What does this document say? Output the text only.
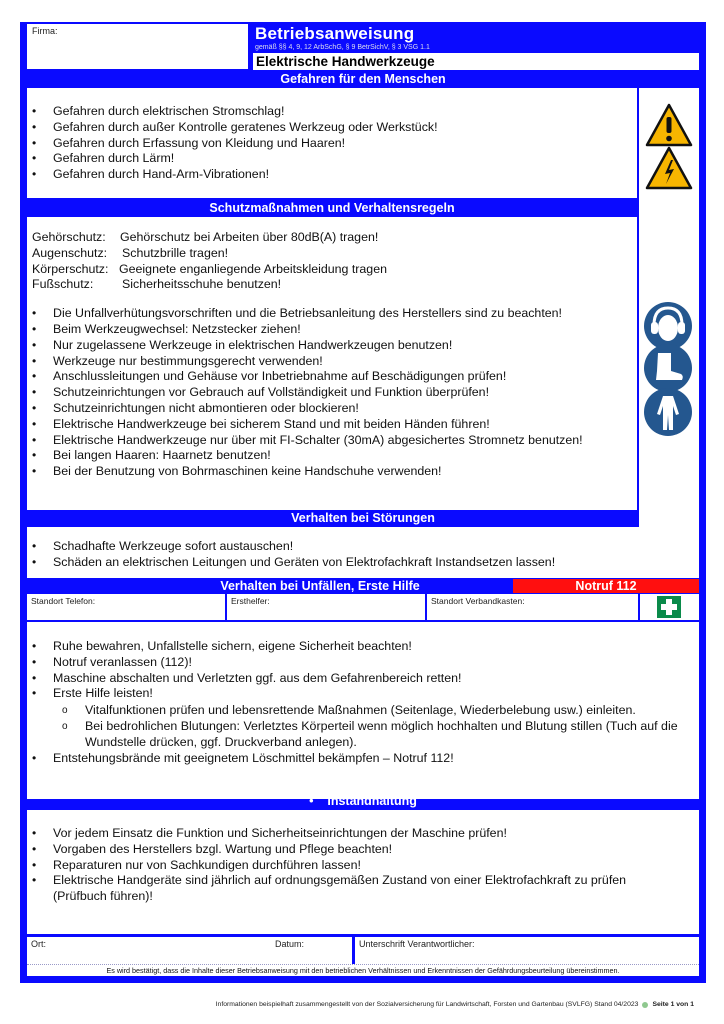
Firma:	Betriebsanweisung
gemäß §§ 4, 9, 12 ArbSchG, § 9 BetrSichV, § 3 VSG 1.1
Elektrische Handwerkzeuge
Gefahren für den Menschen
• Gefahren durch elektrischen Stromschlag!
• Gefahren durch außer Kontrolle geratenes Werkzeug oder Werkstück!
• Gefahren durch Erfassung von Kleidung und Haaren!
• Gefahren durch Lärm!
• Gefahren durch Hand-Arm-Vibrationen!
Schutzmaßnahmen und Verhaltensregeln
Gehörschutz:	Gehörschutz bei Arbeiten über 80dB(A) tragen!
Augenschutz:	Schutzbrille tragen!
Körperschutz: Geeignete enganliegende Arbeitskleidung tragen
Fußschutz:	Sicherheitsschuhe benutzen!
• Die Unfallverhütungsvorschriften und die Betriebsanleitung des Herstellers sind zu beachten!
• Beim Werkzeugwechsel: Netzstecker ziehen!
• Nur zugelassene Werkzeuge in elektrischen Handwerkzeugen benutzen!
• Werkzeuge nur bestimmungsgerecht verwenden!
• Anschlussleitungen und Gehäuse vor Inbetriebnahme auf Beschädigungen prüfen!
• Schutzeinrichtungen vor Gebrauch auf Vollständigkeit und Funktion überprüfen!
• Schutzeinrichtungen nicht abmontieren oder blockieren!
• Elektrische Handwerkzeuge bei sicherem Stand und mit beiden Händen führen!
• Elektrische Handwerkzeuge nur über mit FI-Schalter (30mA) abgesichertes Stromnetz benutzen!
• Bei langen Haaren: Haarnetz benutzen!
• Bei der Benutzung von Bohrmaschinen keine Handschuhe verwenden!
Verhalten bei Störungen
• Schadhafte Werkzeuge sofort austauschen!
• Schäden an elektrischen Leitungen und Geräten von Elektrofachkraft Instandsetzen lassen!
Verhalten bei Unfällen, Erste Hilfe	Notruf 112
Standort Telefon:	Ersthelfer:	Standort Verbandkasten:
• Ruhe bewahren, Unfallstelle sichern, eigene Sicherheit beachten!
• Notruf veranlassen (112)!
• Maschine abschalten und Verletzten ggf. aus dem Gefahrenbereich retten!
• Erste Hilfe leisten!
o Vitalfunktionen prüfen und lebensrettende Maßnahmen (Seitenlage, Wiederbelebung usw.) einleiten.
o Bei bedrohlichen Blutungen: Verletztes Körperteil wenn möglich hochhalten und Blutung stillen (Tuch auf die Wundstelle drücken, ggf. Druckverband anlegen).
• Entstehungsbrände mit geeignetem Löschmittel bekämpfen – Notruf 112!
•    Instandhaltung
• Vor jedem Einsatz die Funktion und Sicherheitseinrichtungen der Maschine prüfen!
• Vorgaben des Herstellers bzgl. Wartung und Pflege beachten!
• Reparaturen nur von Sachkundigen durchführen lassen!
• Elektrische Handgeräte sind jährlich auf ordnungsgemäßen Zustand von einer Elektrofachkraft zu prüfen (Prüfbuch führen)!
Ort:	Datum:	Unterschrift Verantwortlicher:
Es wird bestätigt, dass die Inhalte dieser Betriebsanweisung mit den betrieblichen Verhältnissen und Erkenntnissen der Gefährdungsbeurteilung übereinstimmen.
Informationen beispielhaft zusammengestellt von der Sozialversicherung für Landwirtschaft, Forsten und Gartenbau (SVLFG) Stand 04/2023 Seite 1 von 1
